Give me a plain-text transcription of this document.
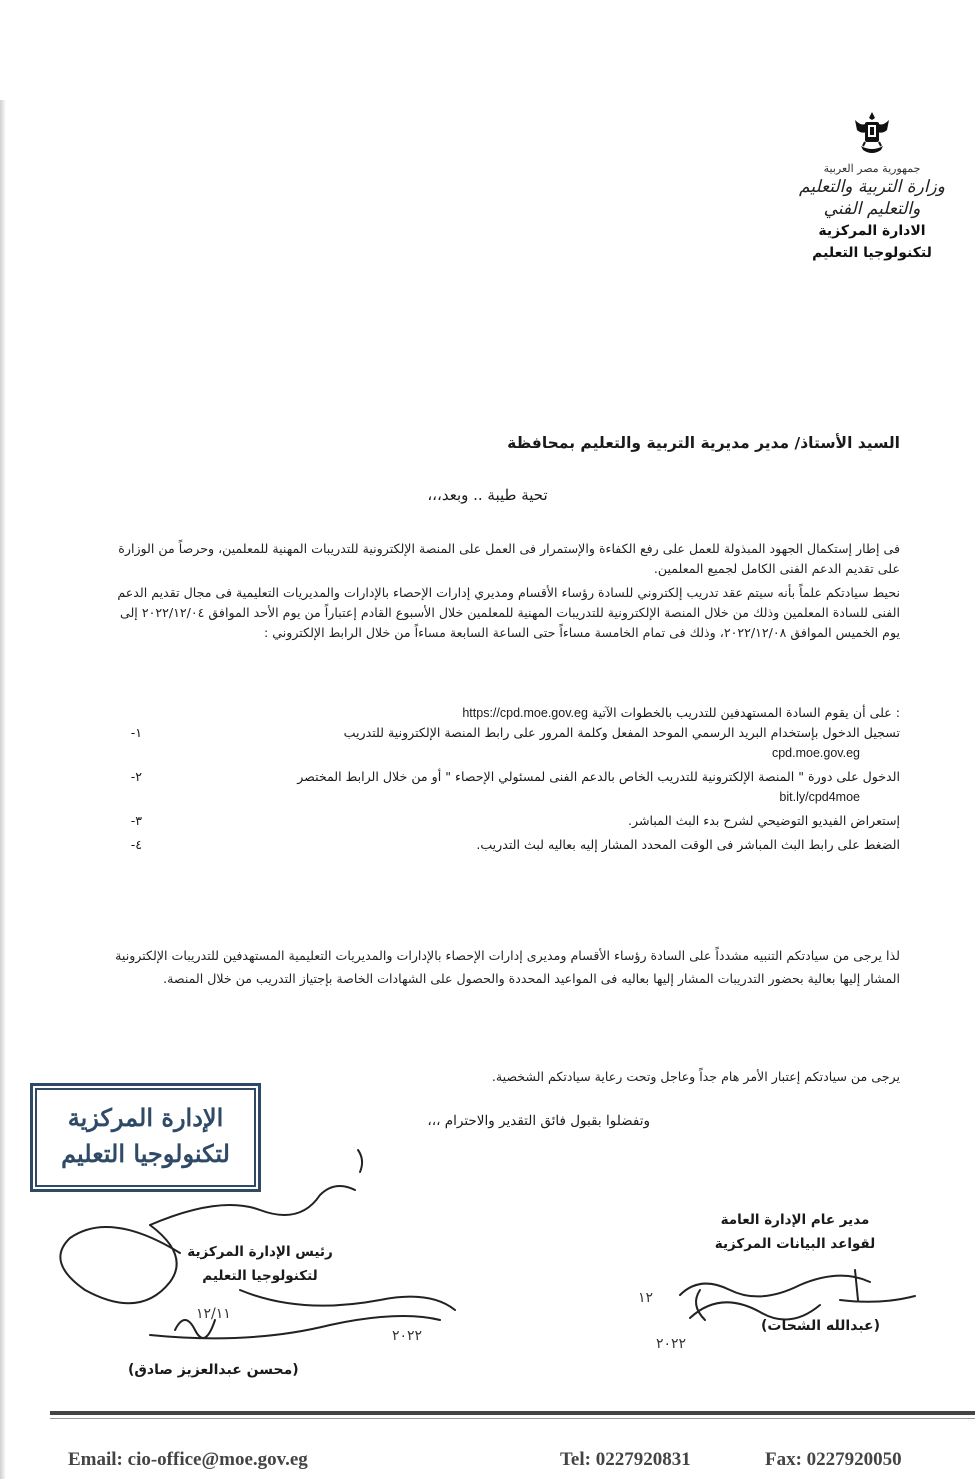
جمهورية مصر العربية
وزارة التربية والتعليم
والتعليم الفني
الادارة المركزية
لتكنولوجيا التعليم
السيد الأستاذ/ مدير مديرية التربية والتعليم بمحافظة
تحية طيبة .. وبعد،،،
فى إطار إستكمال الجهود المبذولة للعمل على رفع الكفاءة والإستمرار فى العمل على المنصة الإلكترونية للتدريبات المهنية للمعلمين، وحرصاً من الوزارة على تقديم الدعم الفنى الكامل لجميع المعلمين.
نحيط سيادتكم علماً بأنه سيتم عقد تدريب إلكتروني للسادة رؤساء الأقسام ومديري إدارات الإحصاء بالإدارات والمديريات التعليمية فى مجال تقديم الدعم الفنى للسادة المعلمين وذلك من خلال المنصة الإلكترونية للتدريبات المهنية للمعلمين خلال الأسبوع القادم إعتباراً من يوم الأحد الموافق ٢٠٢٢/١٢/٠٤ إلى يوم الخميس الموافق ٢٠٢٢/١٢/٠٨، وذلك فى تمام الخامسة مساءاً حتى الساعة السابعة مساءاً من خلال الرابط الإلكتروني :
https://cpd.moe.gov.eg على أن يقوم السادة المستهدفين للتدريب بالخطوات الآتية :
١-	تسجيل الدخول بإستخدام البريد الرسمي الموحد المفعل وكلمة المرور على رابط المنصة الإلكترونية للتدريب
cpd.moe.gov.eg
٢-	الدخول على دورة " المنصة الإلكترونية للتدريب الخاص بالدعم الفنى لمسئولي الإحصاء " أو من خلال الرابط المختصر
bit.ly/cpd4moe
٣-	إستعراض الفيديو التوضيحي لشرح بدء البث المباشر.
٤-	الضغط على رابط البث المباشر فى الوقت المحدد المشار إليه بعاليه لبث التدريب.
لذا يرجى من سيادتكم التنبيه مشدداً على السادة رؤساء الأقسام ومديرى إدارات الإحصاء بالإدارات والمديريات التعليمية المستهدفين للتدريبات الإلكترونية المشار إليها بعالية بحضور التدريبات المشار إليها بعاليه فى المواعيد المحددة والحصول على الشهادات الخاصة بإجتياز التدريب من خلال المنصة.
يرجى من سيادتكم إعتبار الأمر هام جداً وعاجل وتحت رعاية سيادتكم الشخصية.
وتفضلوا بقبول فائق التقدير والاحترام ،،،
الإدارة المركزية
لتكنولوجيا التعليم
١٢
٢٠٢٢
٢٠٢٢
١٢/١١
رئيس الإدارة المركزية
لتكنولوجيا التعليم
(محسن عبدالعزيز صادق)
مدير عام الإدارة العامة
لقواعد البيانات المركزية
(عبدالله الشحات)
Email: cio-office@moe.gov.eg	Tel: 0227920831	Fax: 0227920050
